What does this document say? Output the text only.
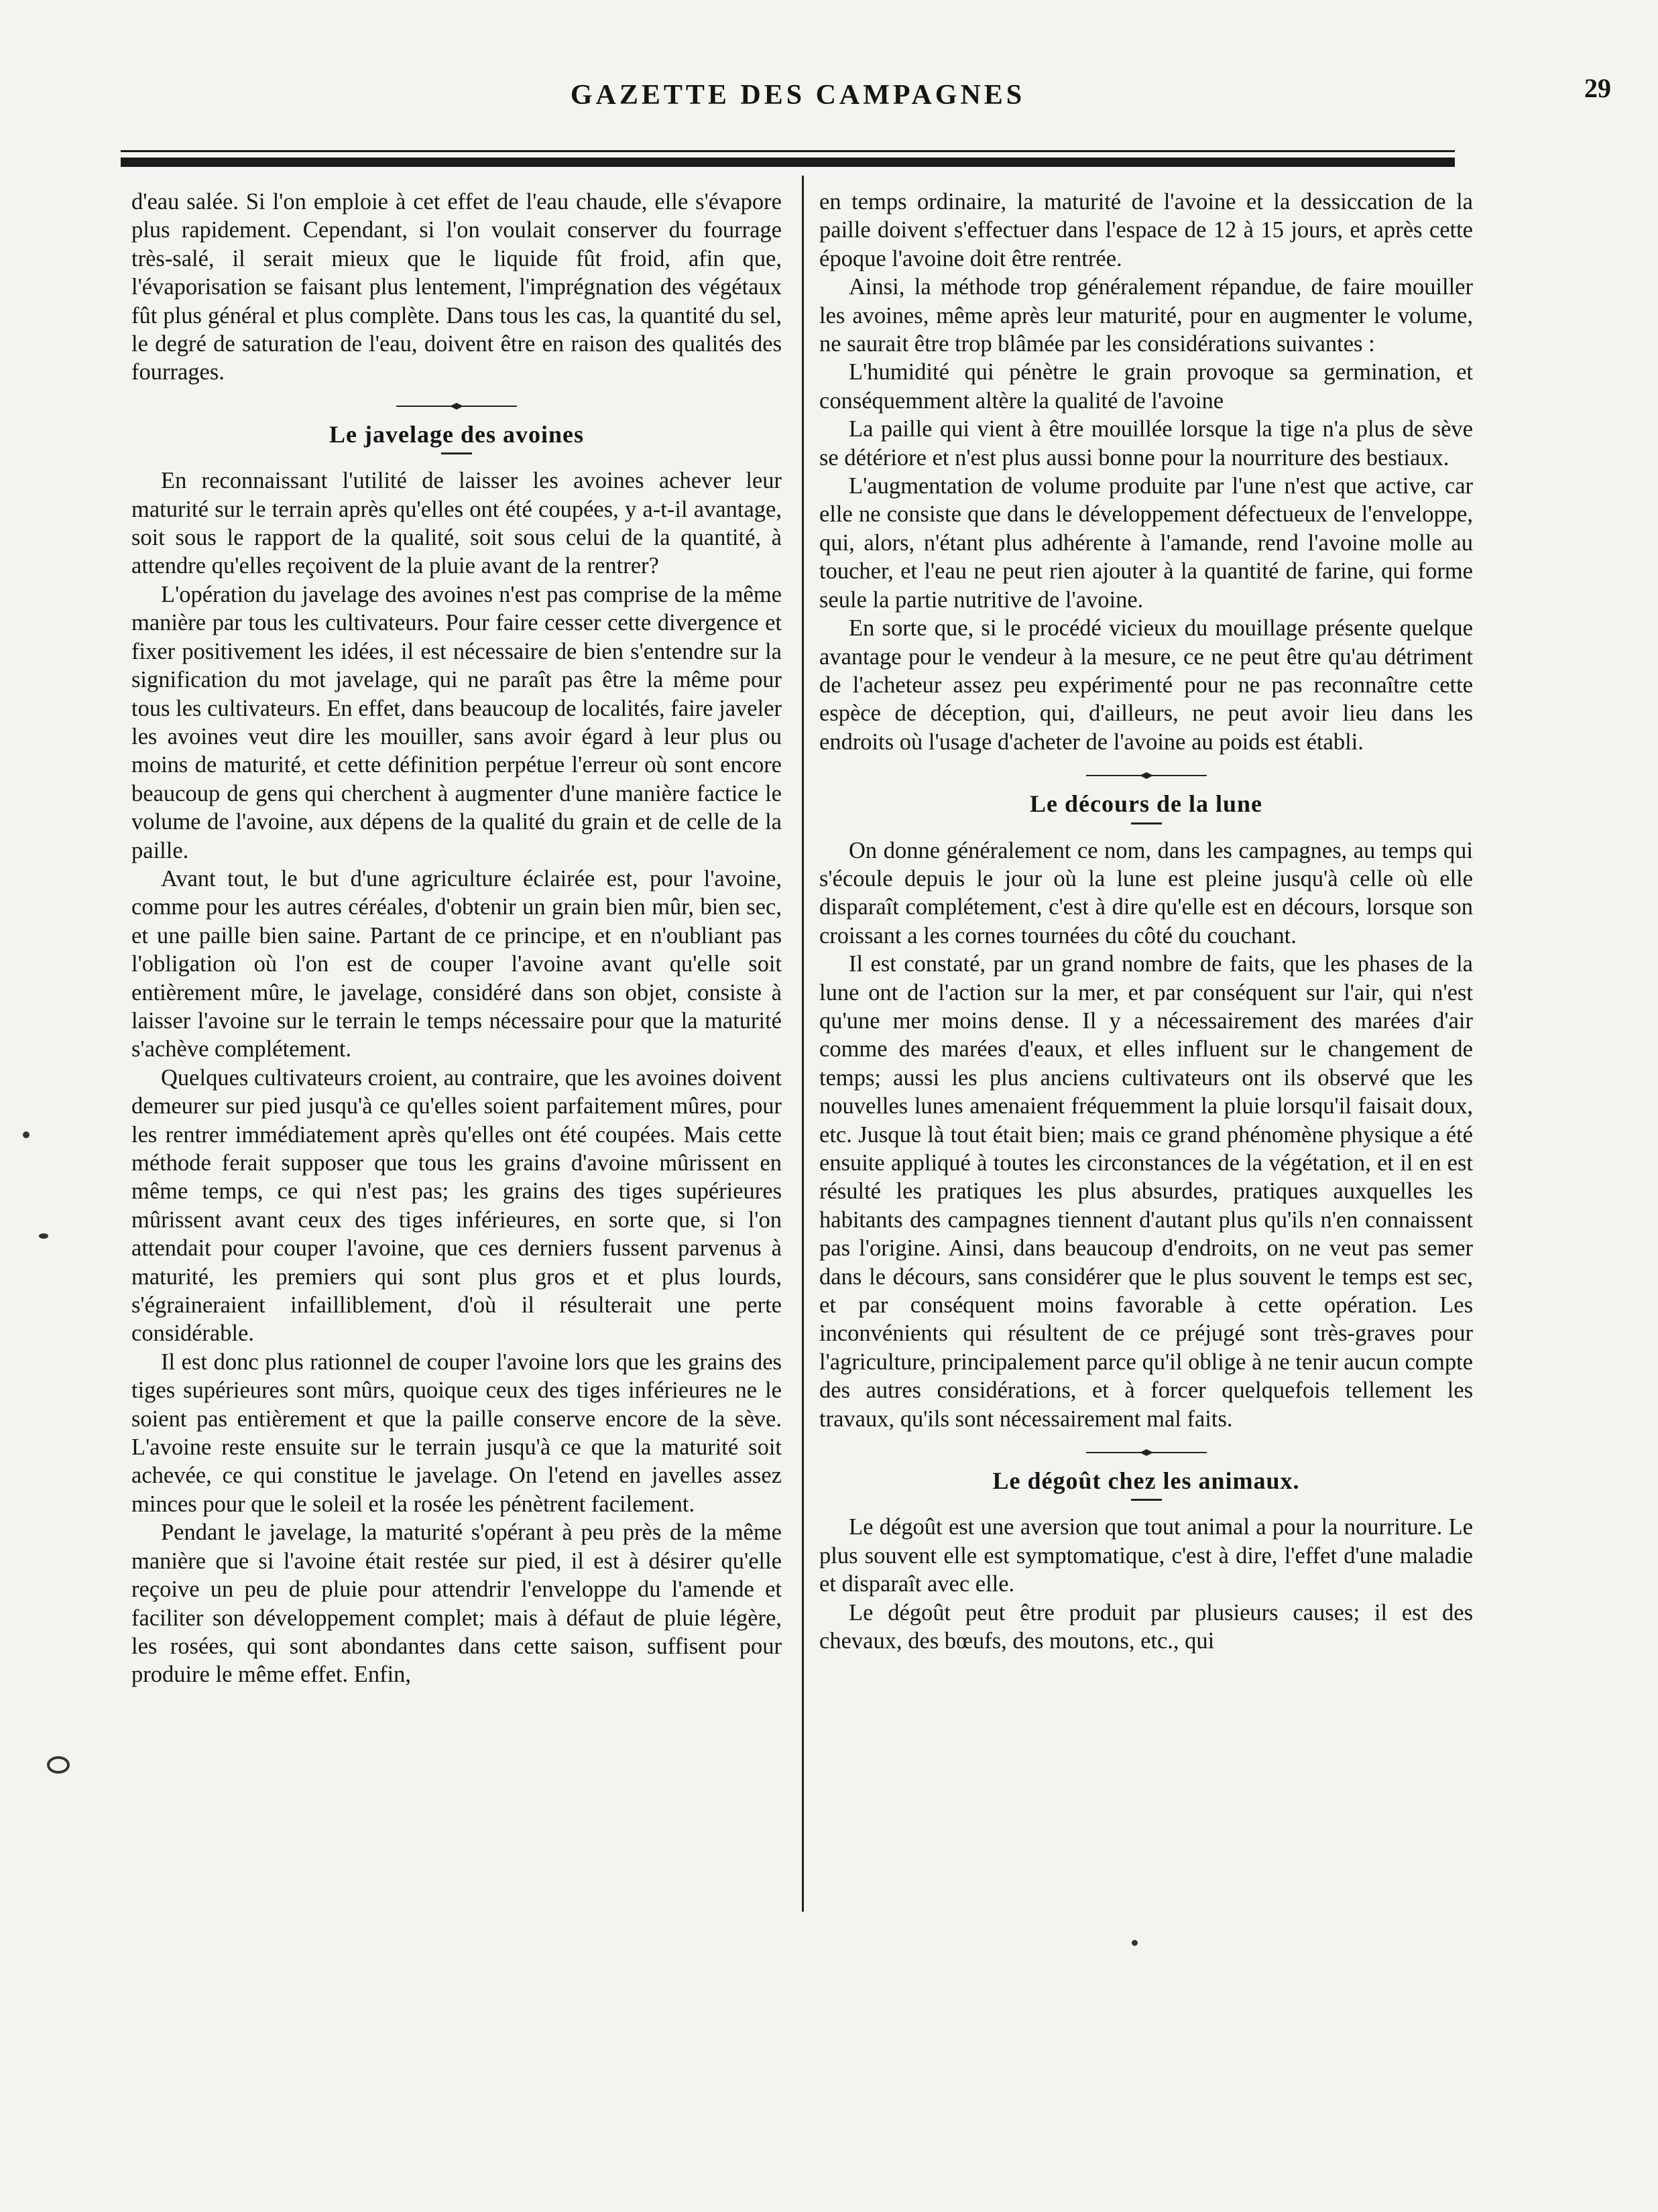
GAZETTE DES CAMPAGNES	29

d'eau salée. Si l'on emploie à cet effet de l'eau chaude, elle s'évapore plus rapidement. Cependant, si l'on voulait conserver du fourrage très-salé, il serait mieux que le liquide fût froid, afin que, l'évaporisation se faisant plus lentement, l'imprégnation des végétaux fût plus général et plus complète. Dans tous les cas, la quantité du sel, le degré de saturation de l'eau, doivent être en raison des qualités des fourrages.

Le javelage des avoines

En reconnaissant l'utilité de laisser les avoines achever leur maturité sur le terrain après qu'elles ont été coupées, y a-t-il avantage, soit sous le rapport de la qualité, soit sous celui de la quantité, à attendre qu'elles reçoivent de la pluie avant de la rentrer?

L'opération du javelage des avoines n'est pas comprise de la même manière par tous les cultivateurs. Pour faire cesser cette divergence et fixer positivement les idées, il est nécessaire de bien s'entendre sur la signification du mot javelage, qui ne paraît pas être la même pour tous les cultivateurs. En effet, dans beaucoup de localités, faire javeler les avoines veut dire les mouiller, sans avoir égard à leur plus ou moins de maturité, et cette définition perpétue l'erreur où sont encore beaucoup de gens qui cherchent à augmenter d'une manière factice le volume de l'avoine, aux dépens de la qualité du grain et de celle de la paille.

Avant tout, le but d'une agriculture éclairée est, pour l'avoine, comme pour les autres céréales, d'obtenir un grain bien mûr, bien sec, et une paille bien saine. Partant de ce principe, et en n'oubliant pas l'obligation où l'on est de couper l'avoine avant qu'elle soit entièrement mûre, le javelage, considéré dans son objet, consiste à laisser l'avoine sur le terrain le temps nécessaire pour que la maturité s'achève complétement.

Quelques cultivateurs croient, au contraire, que les avoines doivent demeurer sur pied jusqu'à ce qu'elles soient parfaitement mûres, pour les rentrer immédiatement après qu'elles ont été coupées. Mais cette méthode ferait supposer que tous les grains d'avoine mûrissent en même temps, ce qui n'est pas; les grains des tiges supérieures mûrissent avant ceux des tiges inférieures, en sorte que, si l'on attendait pour couper l'avoine, que ces derniers fussent parvenus à maturité, les premiers qui sont plus gros et et plus lourds, s'égraineraient infailliblement, d'où il résulterait une perte considérable.

Il est donc plus rationnel de couper l'avoine lors que les grains des tiges supérieures sont mûrs, quoique ceux des tiges inférieures ne le soient pas entièrement et que la paille conserve encore de la sève. L'avoine reste ensuite sur le terrain jusqu'à ce que la maturité soit achevée, ce qui constitue le javelage. On l'etend en javelles assez minces pour que le soleil et la rosée les pénètrent facilement.

Pendant le javelage, la maturité s'opérant à peu près de la même manière que si l'avoine était restée sur pied, il est à désirer qu'elle reçoive un peu de pluie pour attendrir l'enveloppe du l'amende et faciliter son développement complet; mais à défaut de pluie légère, les rosées, qui sont abondantes dans cette saison, suffisent pour produire le même effet. Enfin,

en temps ordinaire, la maturité de l'avoine et la dessiccation de la paille doivent s'effectuer dans l'espace de 12 à 15 jours, et après cette époque l'avoine doit être rentrée.

Ainsi, la méthode trop généralement répandue, de faire mouiller les avoines, même après leur maturité, pour en augmenter le volume, ne saurait être trop blâmée par les considérations suivantes :

L'humidité qui pénètre le grain provoque sa germination, et conséquemment altère la qualité de l'avoine

La paille qui vient à être mouillée lorsque la tige n'a plus de sève se détériore et n'est plus aussi bonne pour la nourriture des bestiaux.

L'augmentation de volume produite par l'une n'est que active, car elle ne consiste que dans le développement défectueux de l'enveloppe, qui, alors, n'étant plus adhérente à l'amande, rend l'avoine molle au toucher, et l'eau ne peut rien ajouter à la quantité de farine, qui forme seule la partie nutritive de l'avoine.

En sorte que, si le procédé vicieux du mouillage présente quelque avantage pour le vendeur à la mesure, ce ne peut être qu'au détriment de l'acheteur assez peu expérimenté pour ne pas reconnaître cette espèce de déception, qui, d'ailleurs, ne peut avoir lieu dans les endroits où l'usage d'acheter de l'avoine au poids est établi.

Le décours de la lune

On donne généralement ce nom, dans les campagnes, au temps qui s'écoule depuis le jour où la lune est pleine jusqu'à celle où elle disparaît complétement, c'est à dire qu'elle est en décours, lorsque son croissant a les cornes tournées du côté du couchant.

Il est constaté, par un grand nombre de faits, que les phases de la lune ont de l'action sur la mer, et par conséquent sur l'air, qui n'est qu'une mer moins dense. Il y a nécessairement des marées d'air comme des marées d'eaux, et elles influent sur le changement de temps; aussi les plus anciens cultivateurs ont ils observé que les nouvelles lunes amenaient fréquemment la pluie lorsqu'il faisait doux, etc. Jusque là tout était bien; mais ce grand phénomène physique a été ensuite appliqué à toutes les circonstances de la végétation, et il en est résulté les pratiques les plus absurdes, pratiques auxquelles les habitants des campagnes tiennent d'autant plus qu'ils n'en connaissent pas l'origine. Ainsi, dans beaucoup d'endroits, on ne veut pas semer dans le décours, sans considérer que le plus souvent le temps est sec, et par conséquent moins favorable à cette opération. Les inconvénients qui résultent de ce préjugé sont très-graves pour l'agriculture, principalement parce qu'il oblige à ne tenir aucun compte des autres considérations, et à forcer quelquefois tellement les travaux, qu'ils sont nécessairement mal faits.

Le dégoût chez les animaux.

Le dégoût est une aversion que tout animal a pour la nourriture. Le plus souvent elle est symptomatique, c'est à dire, l'effet d'une maladie et disparaît avec elle.

Le dégoût peut être produit par plusieurs causes; il est des chevaux, des bœufs, des moutons, etc., qui
